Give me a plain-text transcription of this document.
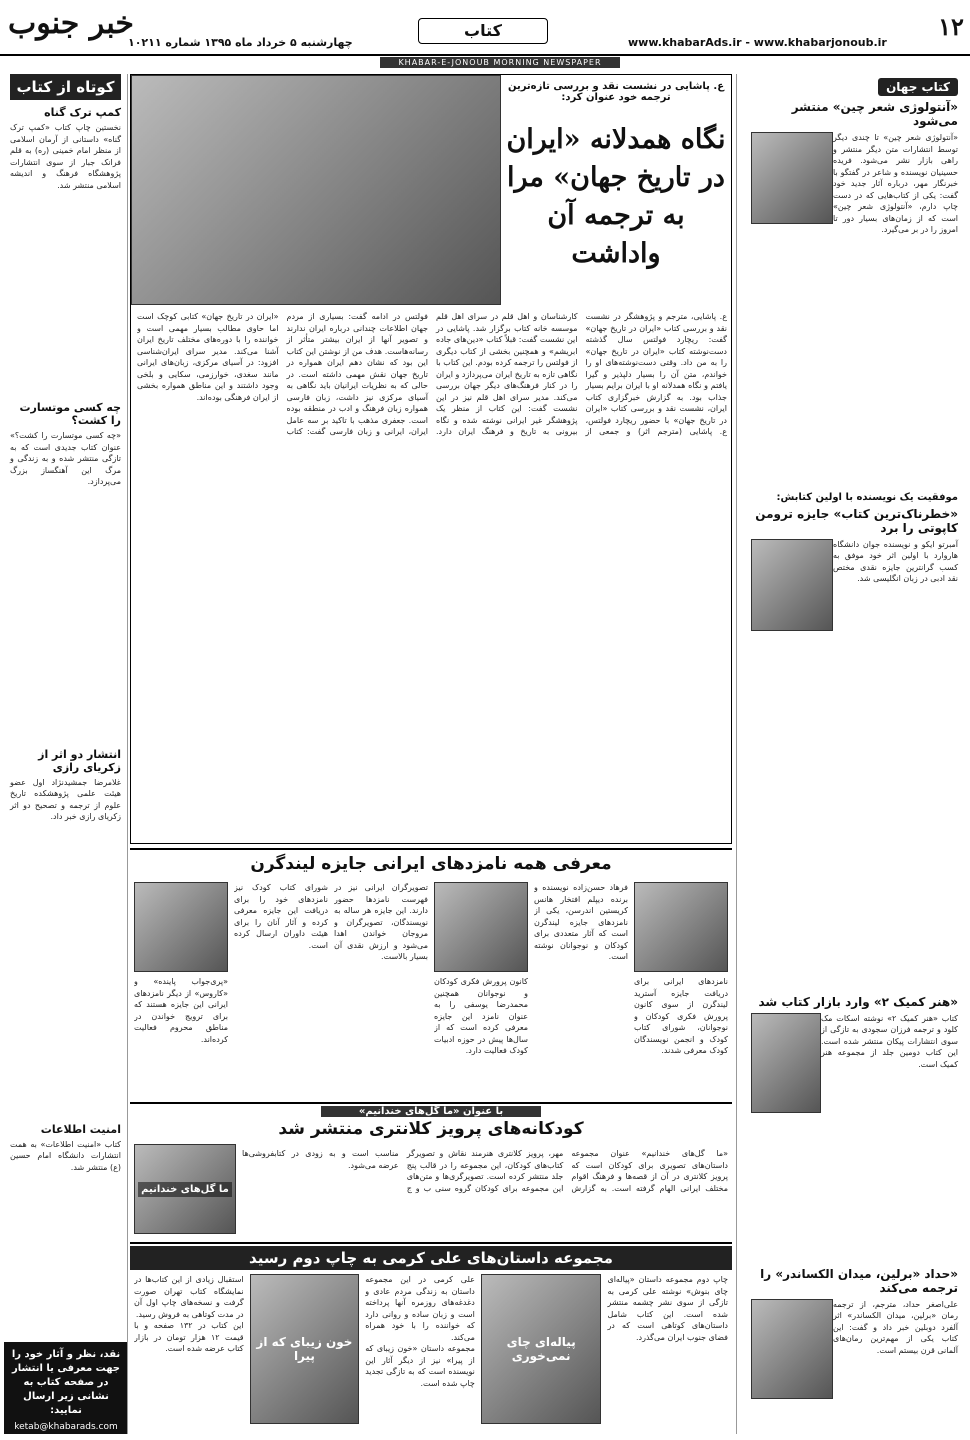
خبر جنوب
چهارشنبه ۵ خرداد ماه ۱۳۹۵ شماره ۱۰۲۱۱
کتاب
www.khabarAds.ir - www.khabarjonoub.ir
۱۲
KHABAR-E-JONOUB MORNING NEWSPAPER
کتاب جهان
«آنتولوژی شعر چین» منتشر می‌شود
«آنتولوژی شعر چین» تا چندی دیگر توسط انتشارات متن دیگر منتشر و راهی بازار نشر می‌شود. فریده حسینیان نویسنده و شاعر در گفتگو با خبرنگار مهر، درباره آثار جدید خود گفت: یکی از کتاب‌هایی که در دست چاپ دارم، «آنتولوژی شعر چین» است که از زمان‌های بسیار دور تا امروز را در بر می‌گیرد.
موفقیت یک نویسنده با اولین کتابش:
«خطرناک‌ترین کتاب» جایزه ترومن کاپوتی را برد
آمبرتو ایکو و نویسنده جوان دانشگاه هاروارد با اولین اثر خود موفق به کسب گرانترین جایزه نقدی مختص نقد ادبی در زبان انگلیسی شد.
«هنر کمیک ۲» وارد بازار کتاب شد
کتاب «هنر کمیک ۲» نوشته اسکات مک کلود و ترجمه فرزان سجودی به تازگی از سوی انتشارات پیکان منتشر شده است. این کتاب دومین جلد از مجموعه هنر کمیک است.
«حداد «برلین، میدان الکساندر» را ترجمه می‌کند
علی‌اصغر حداد، مترجم، از ترجمه رمان «برلین، میدان الکساندر» اثر آلفرد دوبلین خبر داد و گفت: این کتاب یکی از مهم‌ترین رمان‌های آلمانی قرن بیستم است.
کوتاه از کتاب
کمپ ترک گناه
نخستین چاپ کتاب «کمپ ترک گناه» داستانی از آرمان اسلامی از منظر امام خمینی (ره) به قلم فرانک جبار از سوی انتشارات پژوهشگاه فرهنگ و اندیشه اسلامی منتشر شد.
چه کسی موتسارت را کشت؟
«چه کسی موتسارت را کشت؟» عنوان کتاب جدیدی است که به تازگی منتشر شده و به زندگی و مرگ این آهنگساز بزرگ می‌پردازد.
انتشار دو اثر از زکریای رازی
غلامرضا جمشیدنژاد اول عضو هیئت علمی پژوهشکده تاریخ علوم از ترجمه و تصحیح دو اثر زکریای رازی خبر داد.
امنیت اطلاعات
کتاب «امنیت اطلاعات» به همت انتشارات دانشگاه امام حسین (ع) منتشر شد.
نقد، نظر و آثار خود را جهت معرفی یا انتشار در صفحه کتاب به نشانی زیر ارسال نمایید:
ketab@khabarads.com
ع. پاشایی در نشست نقد و بررسی تازه‌ترین ترجمه خود عنوان کرد:
نگاه همدلانه «ایران در تاریخ جهان» مرا به ترجمه آن واداشت
ع. پاشایی، مترجم و پژوهشگر در نشست نقد و بررسی کتاب «ایران در تاریخ جهان» گفت: ریچارد فولتس سال گذشته دست‌نوشته کتاب «ایران در تاریخ جهان» را به من داد. وقتی دست‌نوشته‌های او را خواندم، متن آن را بسیار دلپذیر و گیرا یافتم و نگاه همدلانه او با ایران برایم بسیار جذاب بود. به گزارش خبرگزاری کتاب ایران، نشست نقد و بررسی کتاب «ایران در تاریخ جهان» با حضور ریچارد فولتس، ع. پاشایی (مترجم اثر) و جمعی از کارشناسان و اهل قلم در سرای اهل قلم موسسه خانه کتاب برگزار شد. پاشایی در این نشست گفت: قبلاً کتاب «دین‌های جاده ابریشم» و همچنین بخشی از کتاب دیگری از فولتس را ترجمه کرده بودم. این کتاب با نگاهی تازه به تاریخ ایران می‌پردازد و ایران را در کنار فرهنگ‌های دیگر جهان بررسی می‌کند. مدیر سرای اهل قلم نیز در این نشست گفت: این کتاب از منظر یک پژوهشگر غیر ایرانی نوشته شده و نگاه بیرونی به تاریخ و فرهنگ ایران دارد. فولتس در ادامه گفت: بسیاری از مردم جهان اطلاعات چندانی درباره ایران ندارند و تصویر آنها از ایران بیشتر متأثر از رسانه‌هاست. هدف من از نوشتن این کتاب این بود که نشان دهم ایران همواره در تاریخ جهان نقش مهمی داشته است. در حالی که به نظریات ایرانیان باید نگاهی به آسیای مرکزی نیز داشت، زبان فارسی همواره زبان فرهنگ و ادب در منطقه بوده است. جعفری مذهب با تاکید بر سه عامل ایران، ایرانی و زبان فارسی گفت: کتاب «ایران در تاریخ جهان» کتابی کوچک است اما حاوی مطالب بسیار مهمی است و خواننده را با دوره‌های مختلف تاریخ ایران آشنا می‌کند. مدیر سرای ایران‌شناسی افزود: در آسیای مرکزی، زبان‌های ایرانی مانند سغدی، خوارزمی، سکایی و بلخی وجود داشتند و این مناطق همواره بخشی از ایران فرهنگی بوده‌اند.
معرفی همه نامزدهای ایرانی جایزه لیندگرن
نامزدهای ایرانی برای دریافت جایزه آسترید لیندگرن از سوی کانون پرورش فکری کودکان و نوجوانان، شورای کتاب کودک و انجمن نویسندگان کودک معرفی شدند.
فرهاد حسن‌زاده نویسنده و برنده دیپلم افتخار هانس کریستین اندرسن، یکی از نامزدهای جایزه لیندگرن است که آثار متعددی برای کودکان و نوجوانان نوشته است.
کانون پرورش فکری کودکان و نوجوانان همچنین محمدرضا یوسفی را به عنوان نامزد این جایزه معرفی کرده است که از سال‌ها پیش در حوزه ادبیات کودک فعالیت دارد.
تصویرگران ایرانی نیز در فهرست نامزدها حضور دارند. این جایزه هر ساله به نویسندگان، تصویرگران و مروجان خواندن اهدا می‌شود و ارزش نقدی آن بسیار بالاست.
شورای کتاب کودک نیز نامزدهای خود را برای دریافت این جایزه معرفی کرده و آثار آنان را برای هیئت داوران ارسال کرده است.
«پری‌جواب پاینده» و «کاروس» از دیگر نامزدهای ایرانی این جایزه هستند که برای ترویج خواندن در مناطق محروم فعالیت کرده‌اند.
با عنوان «ما گل‌های خندانیم»
کودکانه‌های پرویز کلانتری منتشر شد
ما گل‌های خندانیم
«ما گل‌های خندانیم» عنوان مجموعه داستان‌های تصویری برای کودکان است که پرویز کلانتری در آن از قصه‌ها و فرهنگ اقوام مختلف ایرانی الهام گرفته است. به گزارش مهر، پرویز کلانتری هنرمند نقاش و تصویرگر کتاب‌های کودکان، این مجموعه را در قالب پنج جلد منتشر کرده است. تصویرگری‌ها و متن‌های این مجموعه برای کودکان گروه سنی ب و ج مناسب است و به زودی در کتابفروشی‌ها عرضه می‌شود.
مجموعه داستان‌های علی کرمی به چاپ دوم رسید
چاپ دوم مجموعه داستان «پیاله‌ای چای بنوش» نوشته علی کرمی به تازگی از سوی نشر چشمه منتشر شده است. این کتاب شامل داستان‌های کوتاهی است که در فضای جنوب ایران می‌گذرد.
پیاله‌ای چای نمی‌خوری
علی کرمی در این مجموعه داستان به زندگی مردم عادی و دغدغه‌های روزمره آنها پرداخته است و زبان ساده و روانی دارد که خواننده را با خود همراه می‌کند.
مجموعه داستان «خون زیبای که از پیرا» نیز از دیگر آثار این نویسنده است که به تازگی تجدید چاپ شده است.
خون زیبای که از پیرا
استقبال زیادی از این کتاب‌ها در نمایشگاه کتاب تهران صورت گرفت و نسخه‌های چاپ اول آن در مدت کوتاهی به فروش رسید.
این کتاب در ۱۳۲ صفحه و با قیمت ۱۲ هزار تومان در بازار کتاب عرضه شده است.
